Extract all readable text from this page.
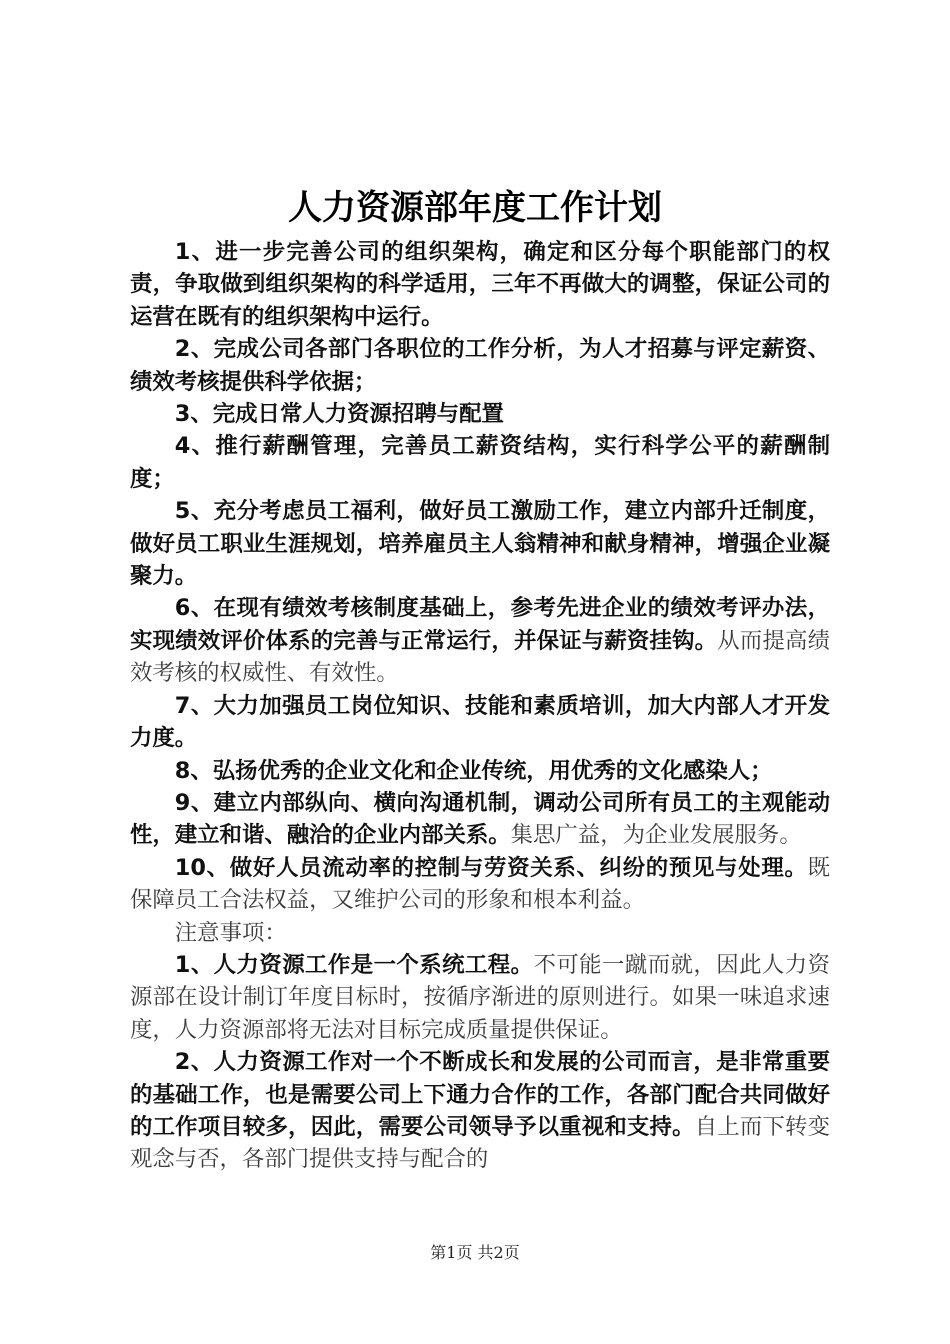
人力资源部年度工作计划

1、进一步完善公司的组织架构，确定和区分每个职能部门的权责，争取做到组织架构的科学适用，三年不再做大的调整，保证公司的运营在既有的组织架构中运行。

2、完成公司各部门各职位的工作分析，为人才招募与评定薪资、绩效考核提供科学依据；

3、完成日常人力资源招聘与配置

4、推行薪酬管理，完善员工薪资结构，实行科学公平的薪酬制度；

5、充分考虑员工福利，做好员工激励工作，建立内部升迁制度，做好员工职业生涯规划，培养雇员主人翁精神和献身精神，增强企业凝聚力。

6、在现有绩效考核制度基础上，参考先进企业的绩效考评办法，实现绩效评价体系的完善与正常运行，并保证与薪资挂钩。从而提高绩效考核的权威性、有效性。

7、大力加强员工岗位知识、技能和素质培训，加大内部人才开发力度。

8、弘扬优秀的企业文化和企业传统，用优秀的文化感染人；

9、建立内部纵向、横向沟通机制，调动公司所有员工的主观能动性，建立和谐、融洽的企业内部关系。集思广益，为企业发展服务。

10、做好人员流动率的控制与劳资关系、纠纷的预见与处理。既保障员工合法权益，又维护公司的形象和根本利益。

注意事项：

1、人力资源工作是一个系统工程。不可能一蹴而就，因此人力资源部在设计制订年度目标时，按循序渐进的原则进行。如果一味追求速度，人力资源部将无法对目标完成质量提供保证。

2、人力资源工作对一个不断成长和发展的公司而言，是非常重要的基础工作，也是需要公司上下通力合作的工作，各部门配合共同做好的工作项目较多，因此，需要公司领导予以重视和支持。自上而下转变观念与否，各部门提供支持与配合的

第1页 共2页
